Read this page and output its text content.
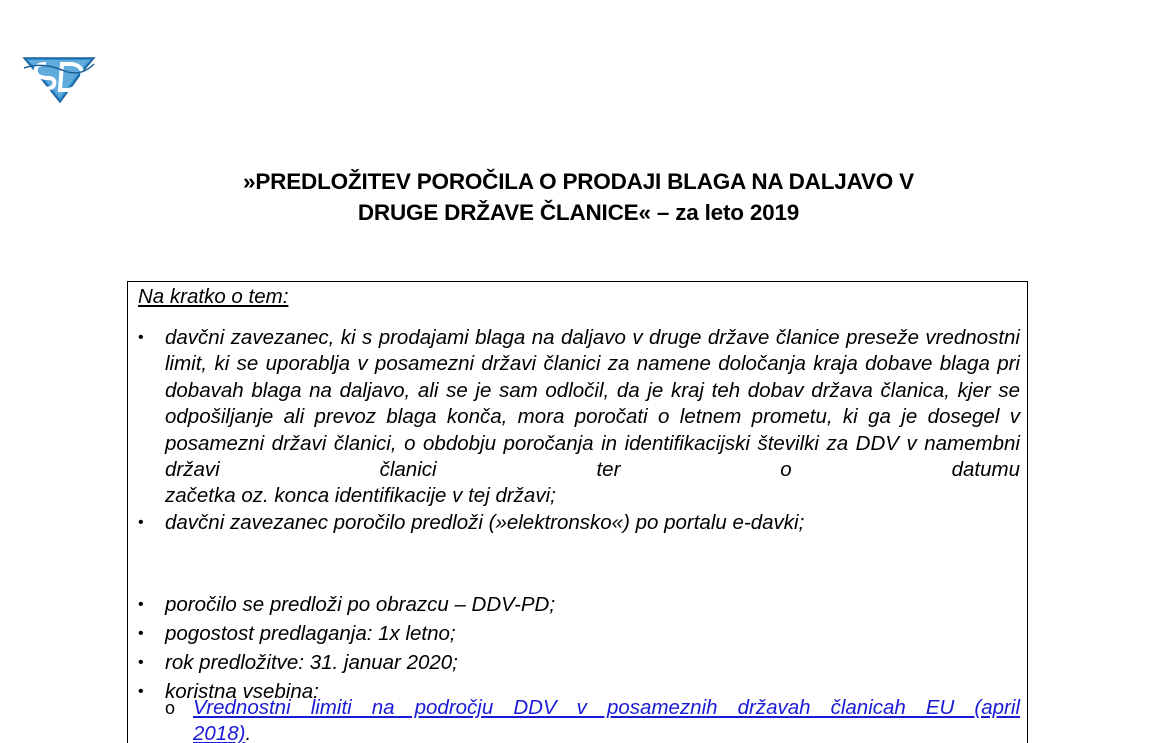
»PREDLOŽITEV POROČILA O PRODAJI BLAGA NA DALJAVO V
DRUGE DRŽAVE ČLANICE« – za leto 2019
Na kratko o tem:
•	davčni zavezanec, ki s prodajami blaga na daljavo v druge države članice preseže vrednostni limit, ki se uporablja v posamezni državi članici za namene določanja kraja dobave blaga pri dobavah blaga na daljavo, ali se je sam odločil, da je kraj teh dobav država članica, kjer se odpošiljanje ali prevoz blaga konča, mora poročati o letnem prometu, ki ga je dosegel v posamezni državi članici, o obdobju poročanja in identifikacijski številki za DDV v namembni državi članici ter o datumu
začetka oz. konca identifikacije v tej državi;
•	davčni zavezanec poročilo predloži (»elektronsko«) po portalu e-davki;
•	poročilo se predloži po obrazcu – DDV-PD;
•	pogostost predlaganja: 1x letno;
•	rok predložitve: 31. januar 2020;
•	koristna vsebina:
o Vrednostni limiti na področju DDV v posameznih državah članicah EU (april
2018).
